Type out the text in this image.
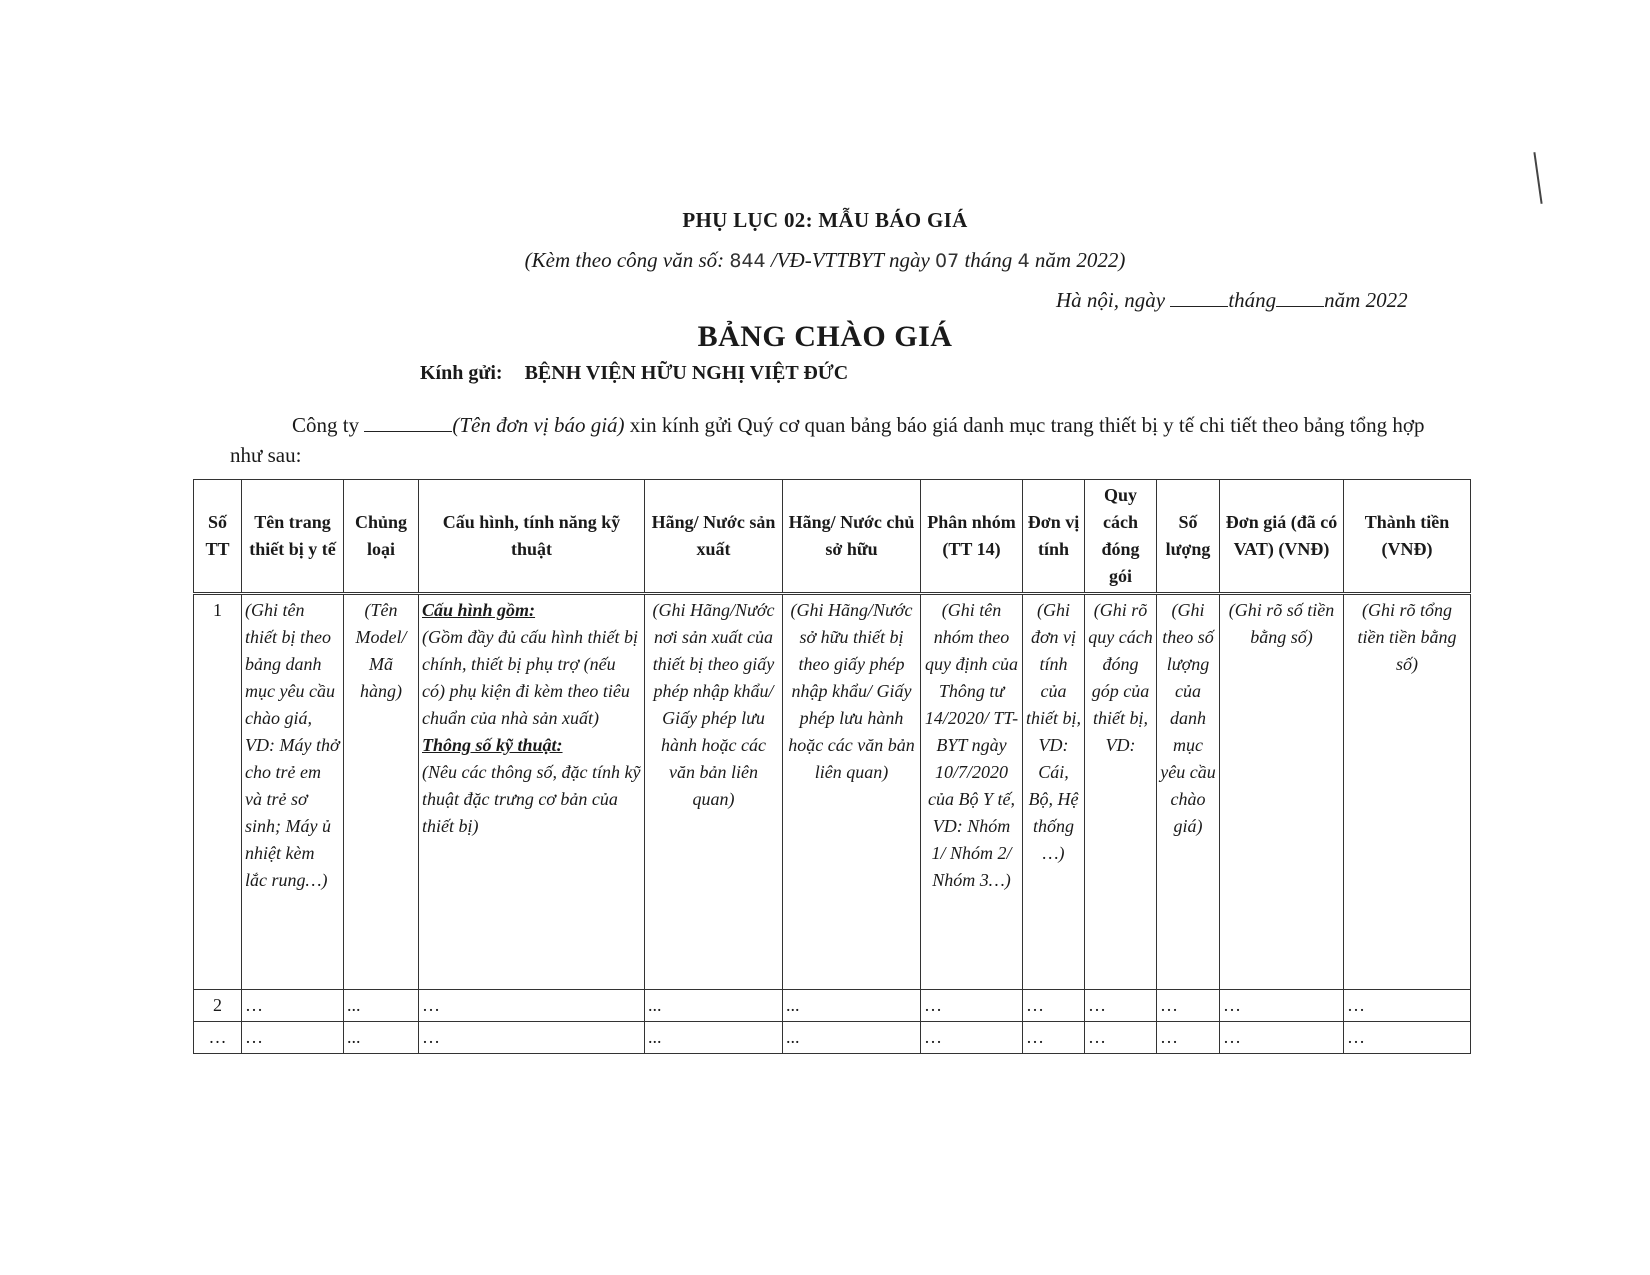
PHỤ LỤC 02: MẪU BÁO GIÁ
(Kèm theo công văn số: 844 /VĐ-VTTBYT ngày 07 tháng 4 năm 2022)
Hà nội, ngày	tháng năm 2022
BẢNG CHÀO GIÁ
Kính gửi: BỆNH VIỆN HỮU NGHỊ VIỆT ĐỨC
Công ty	(Tên đơn vị báo giá) xin kính gửi Quý cơ quan bảng báo giá danh mục trang thiết bị y tế chi tiết theo bảng tổng hợp như sau:
Số TT	Tên trang thiết bị y tế	Chủng loại	Cấu hình, tính năng kỹ thuật	Hãng/ Nước sản xuất	Hãng/ Nước chủ sở hữu	Phân nhóm (TT 14)	Đơn vị tính	Quy cách đóng gói	Số lượng	Đơn giá (đã có VAT) (VNĐ)	Thành tiền (VNĐ)
1	(Ghi tên thiết bị theo bảng danh mục yêu cầu chào giá, VD: Máy thở cho trẻ em và trẻ sơ sinh; Máy ủ nhiệt kèm lắc rung…)	(Tên Model/ Mã hàng)	Cấu hình gồm:
(Gồm đầy đủ cấu hình thiết bị chính, thiết bị phụ trợ (nếu có) phụ kiện đi kèm theo tiêu chuẩn của nhà sản xuất)
Thông số kỹ thuật:
(Nêu các thông số, đặc tính kỹ thuật đặc trưng cơ bản của thiết bị)	(Ghi Hãng/Nước nơi sản xuất của thiết bị theo giấy phép nhập khẩu/ Giấy phép lưu hành hoặc các văn bản liên quan)	(Ghi Hãng/Nước sở hữu thiết bị theo giấy phép nhập khẩu/ Giấy phép lưu hành hoặc các văn bản liên quan)	(Ghi tên nhóm theo quy định của Thông tư 14/2020/ TT-BYT ngày 10/7/2020 của Bộ Y tế, VD: Nhóm 1/ Nhóm 2/ Nhóm 3…)	(Ghi đơn vị tính của thiết bị, VD: Cái, Bộ, Hệ thống …)	(Ghi rõ quy cách đóng góp của thiết bị, VD:	(Ghi theo số lượng của danh mục yêu cầu chào giá)	(Ghi rõ số tiền bằng số)	(Ghi rõ tổng tiền tiền bằng số)
2	…	...	…	...	...	…	…	…	…	…	…
…	…	...	…	...	...	…	…	…	…	…	…
